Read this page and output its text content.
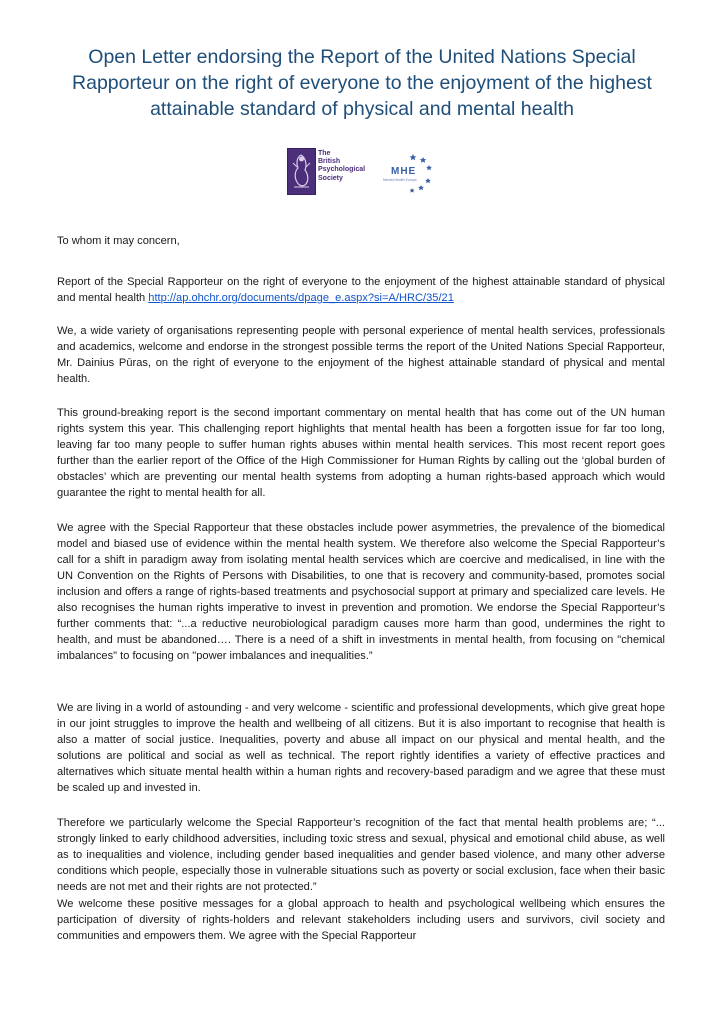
Open Letter endorsing the Report of the United Nations Special Rapporteur on the right of everyone to the enjoyment of the highest attainable standard of physical and mental health
The
British
Psychological
Society
MHE
Mental Health Europe

To whom it may concern,

Report of the Special Rapporteur on the right of everyone to the enjoyment of the highest attainable standard of physical and mental health http://ap.ohchr.org/documents/dpage_e.aspx?si=A/HRC/35/21

We, a wide variety of organisations representing people with personal experience of mental health services, professionals and academics, welcome and endorse in the strongest possible terms the report of the United Nations Special Rapporteur, Mr. Dainius Pūras, on the right of everyone to the enjoyment of the highest attainable standard of physical and mental health.

This ground-breaking report is the second important commentary on mental health that has come out of the UN human rights system this year. This challenging report highlights that mental health has been a forgotten issue for far too long, leaving far too many people to suffer human rights abuses within mental health services. This most recent report goes further than the earlier report of the Office of the High Commissioner for Human Rights by calling out the ‘global burden of obstacles’ which are preventing our mental health systems from adopting a human rights-based approach which would guarantee the right to mental health for all.

We agree with the Special Rapporteur that these obstacles include power asymmetries, the prevalence of the biomedical model and biased use of evidence within the mental health system. We therefore also welcome the Special Rapporteur’s call for a shift in paradigm away from isolating mental health services which are coercive and medicalised, in line with the UN Convention on the Rights of Persons with Disabilities, to one that is recovery and community-based, promotes social inclusion and offers a range of rights-based treatments and psychosocial support at primary and specialized care levels. He also recognises the human rights imperative to invest in prevention and promotion. We endorse the Special Rapporteur’s further comments that: “...a reductive neurobiological paradigm causes more harm than good, undermines the right to health, and must be abandoned…. There is a need of a shift in investments in mental health, from focusing on "chemical imbalances" to focusing on "power imbalances and inequalities.”

We are living in a world of astounding - and very welcome - scientific and professional developments, which give great hope in our joint struggles to improve the health and wellbeing of all citizens. But it is also important to recognise that health is also a matter of social justice. Inequalities, poverty and abuse all impact on our physical and mental health, and the solutions are political and social as well as technical. The report rightly identifies a variety of effective practices and alternatives which situate mental health within a human rights and recovery-based paradigm and we agree that these must be scaled up and invested in.

Therefore we particularly welcome the Special Rapporteur’s recognition of the fact that mental health problems are; “... strongly linked to early childhood adversities, including toxic stress and sexual, physical and emotional child abuse, as well as to inequalities and violence, including gender based inequalities and gender based violence, and many other adverse conditions which people, especially those in vulnerable situations such as poverty or social exclusion, face when their basic needs are not met and their rights are not protected.”

We welcome these positive messages for a global approach to health and psychological wellbeing which ensures the participation of diversity of rights-holders and relevant stakeholders including users and survivors, civil society and communities and empowers them. We agree with the Special Rapporteur
